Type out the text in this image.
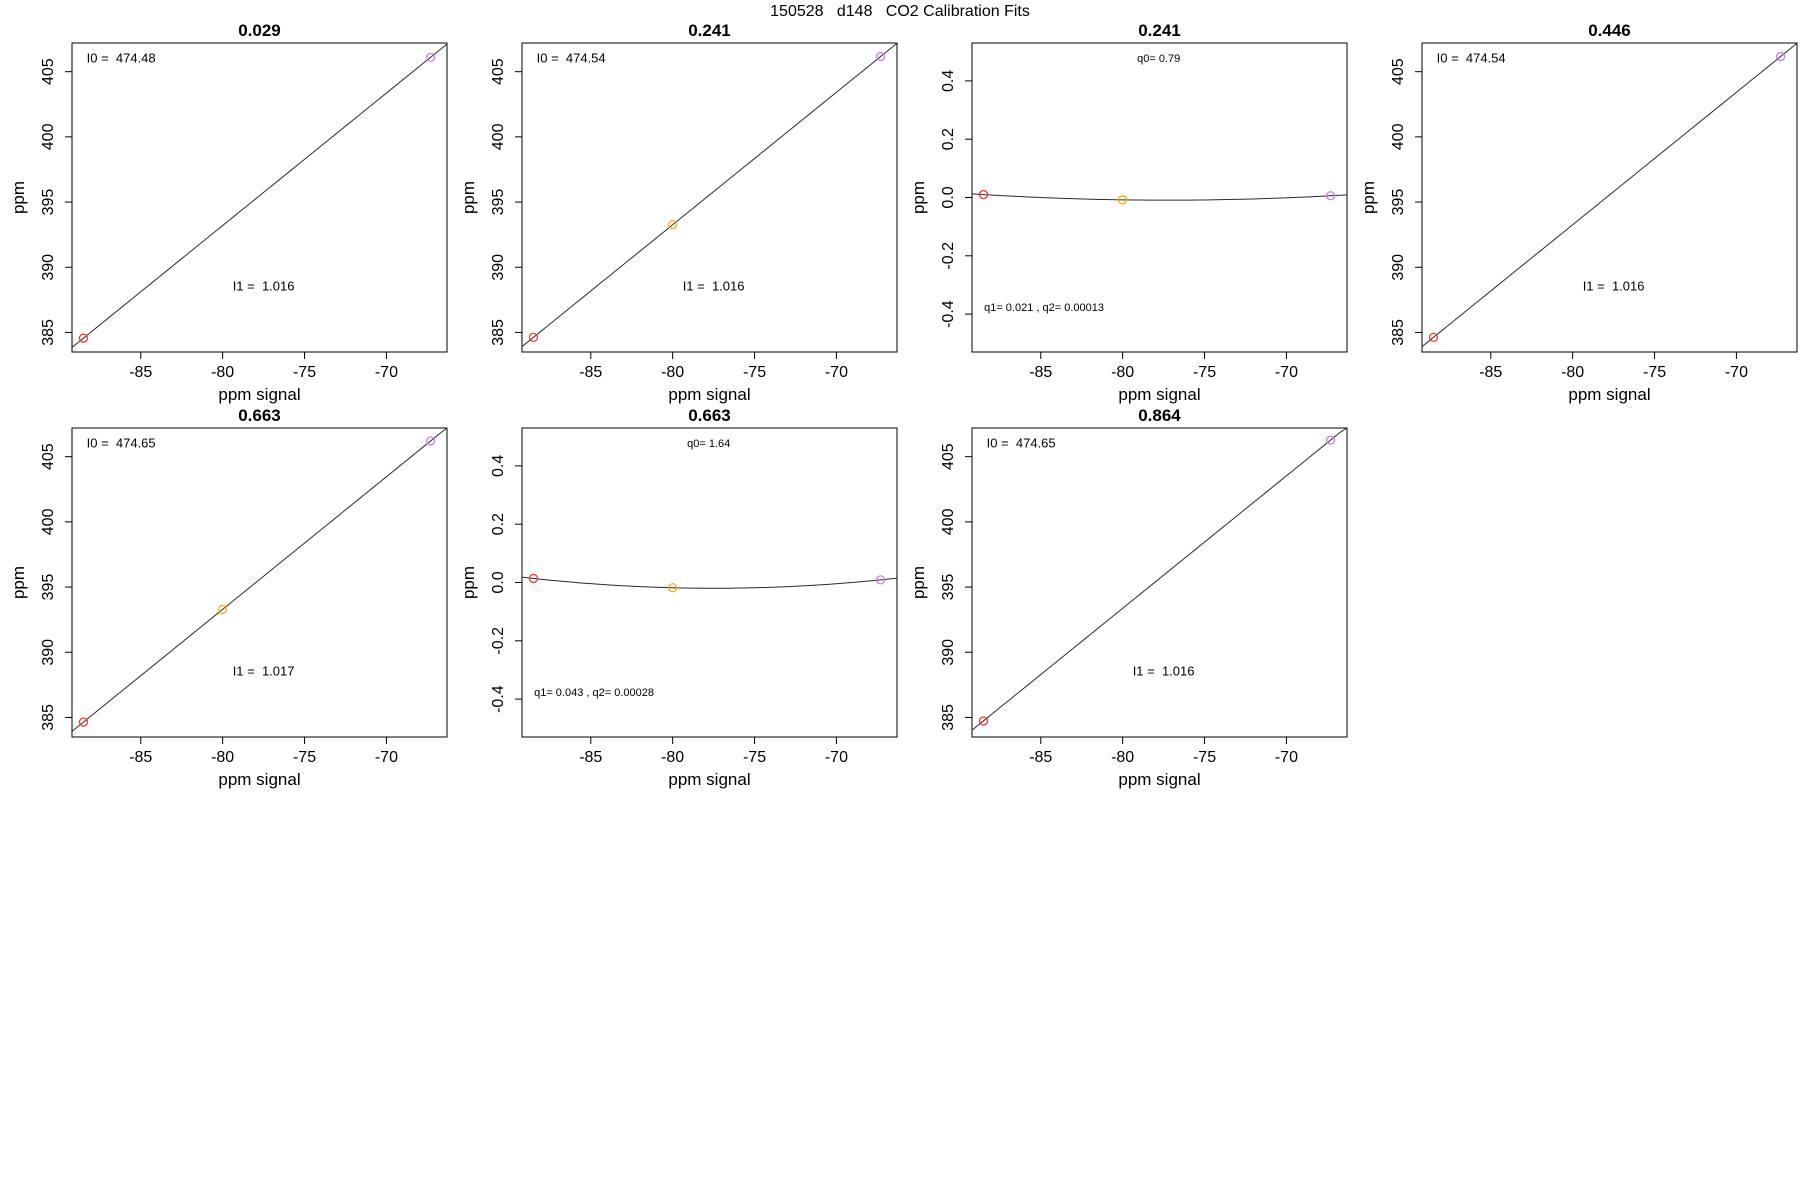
150528   d148   CO2 Calibration Fits
0.029
-85	-80	-75	-70
385
390
395
400
405
ppm signal
ppm
I0 =  474.48
I1 =  1.016
0.241
-85	-80	-75	-70
385
390
395
400
405
ppm signal
ppm
I0 =  474.54
I1 =  1.016
0.241
-85	-80	-75	-70
-0.4
-0.2
0.0
0.2
0.4
ppm signal
ppm
q0= 0.79
q1= 0.021 , q2= 0.00013
0.446
-85	-80	-75	-70
385
390
395
400
405
ppm signal
ppm
I0 =  474.54
I1 =  1.016
0.663
-85	-80	-75	-70
385
390
395
400
405
ppm signal
ppm
I0 =  474.65
I1 =  1.017
0.663
-85	-80	-75	-70
-0.4
-0.2
0.0
0.2
0.4
ppm signal
ppm
q0= 1.64
q1= 0.043 , q2= 0.00028
0.864
-85	-80	-75	-70
385
390
395
400
405
ppm signal
ppm
I0 =  474.65
I1 =  1.016
